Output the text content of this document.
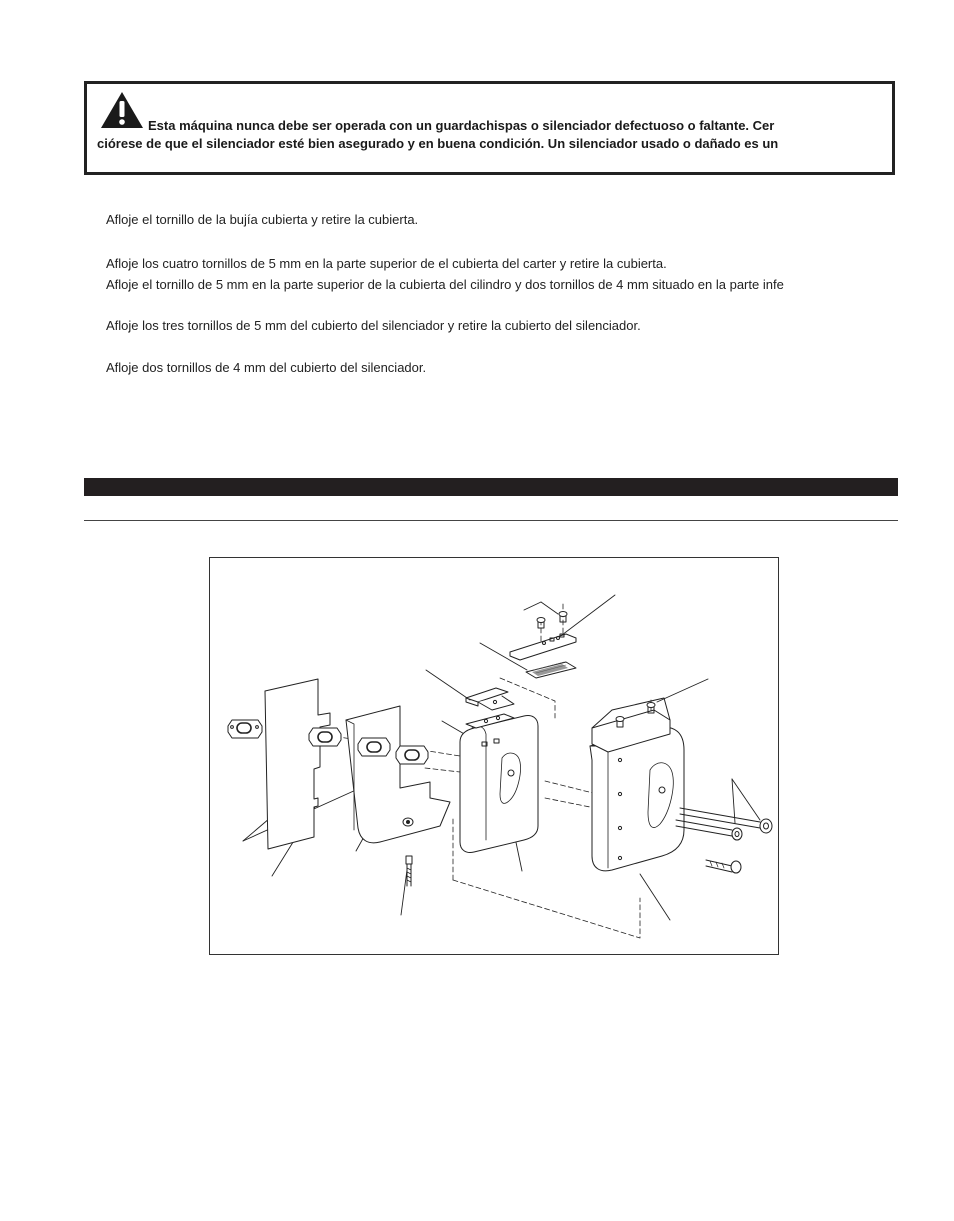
Esta máquina nunca debe ser operada con un guardachispas o silenciador defectuoso o faltante. Cer
ciórese de que el silenciador esté bien asegurado y en buena condición. Un silenciador usado o dañado es un
Afloje el tornillo de la bujía cubierta y retire la cubierta.
Afloje los cuatro tornillos de 5 mm en la parte superior de el cubierta del carter y retire la cubierta.
Afloje el tornillo de 5 mm en la parte superior de la cubierta del cilindro y dos tornillos de 4 mm situado en la parte infe
Afloje los tres tornillos de 5 mm del cubierto del silenciador y retire la cubierto del silenciador.
Afloje dos tornillos de 4 mm del cubierto del silenciador.
